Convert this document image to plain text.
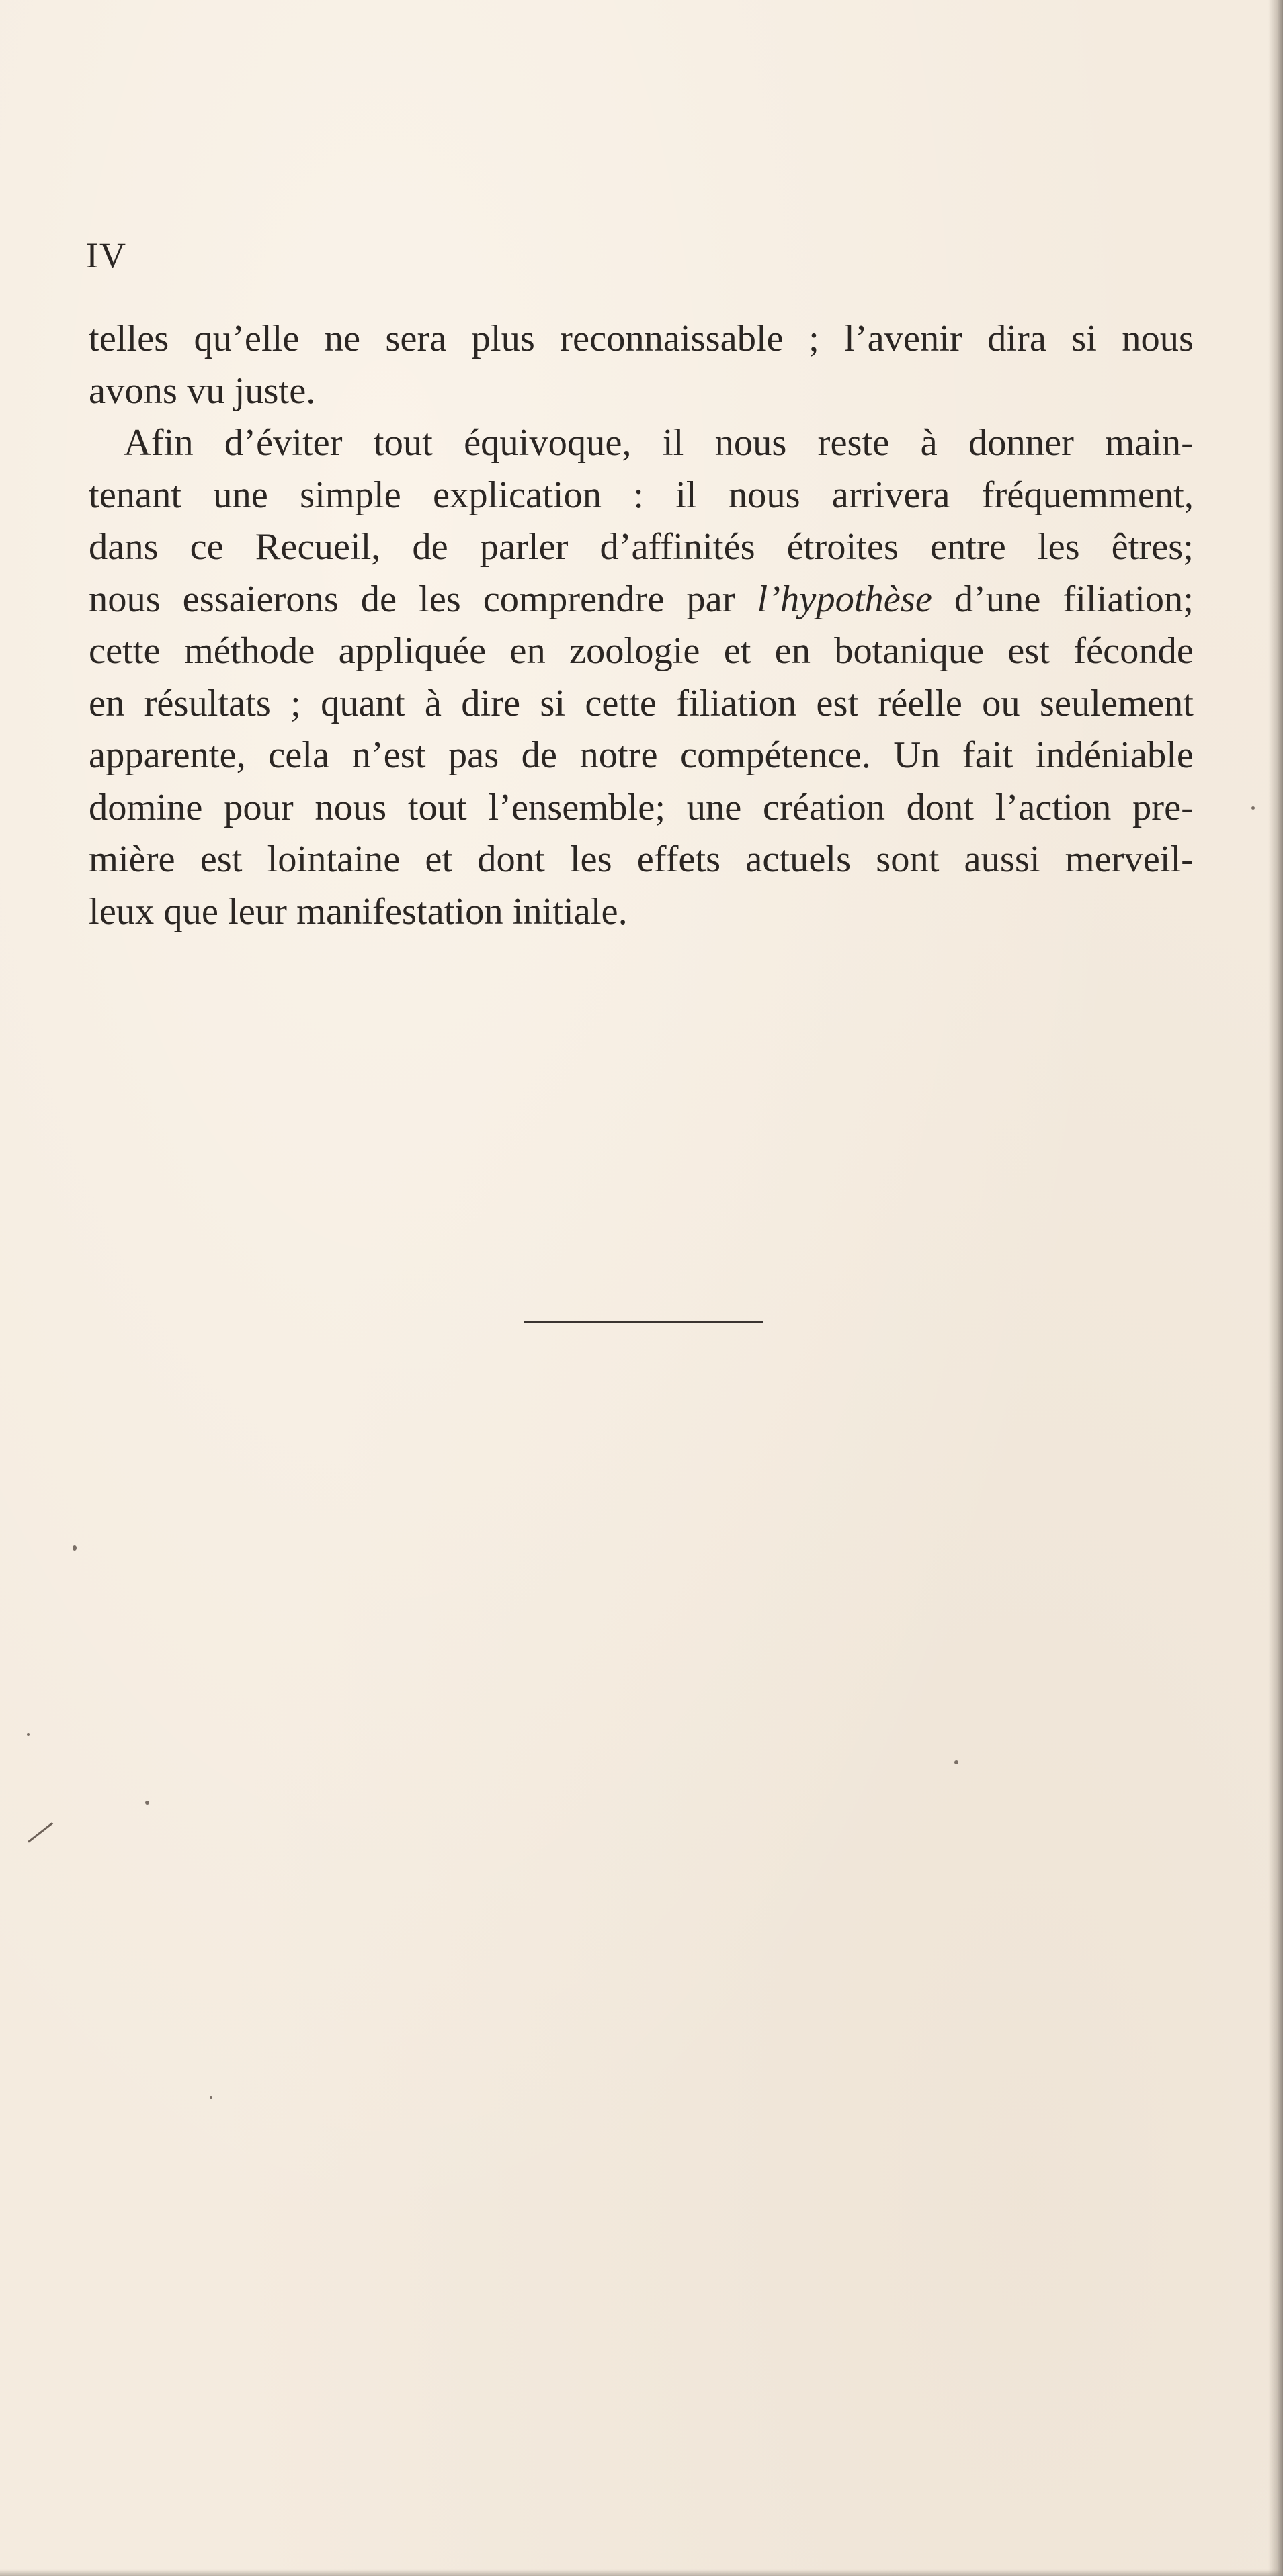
IV
telles qu’elle ne sera plus reconnaissable ; l’avenir dira si nous
avons vu juste.
Afin d’éviter tout équivoque, il nous reste à donner main-
tenant une simple explication : il nous arrivera fréquemment,
dans ce Recueil, de parler d’affinités étroites entre les êtres;
nous essaierons de les comprendre par l’hypothèse d’une filiation;
cette méthode appliquée en zoologie et en botanique est féconde
en résultats ; quant à dire si cette filiation est réelle ou seulement
apparente, cela n’est pas de notre compétence. Un fait indéniable
domine pour nous tout l’ensemble; une création dont l’action pre-
mière est lointaine et dont les effets actuels sont aussi merveil-
leux que leur manifestation initiale.
